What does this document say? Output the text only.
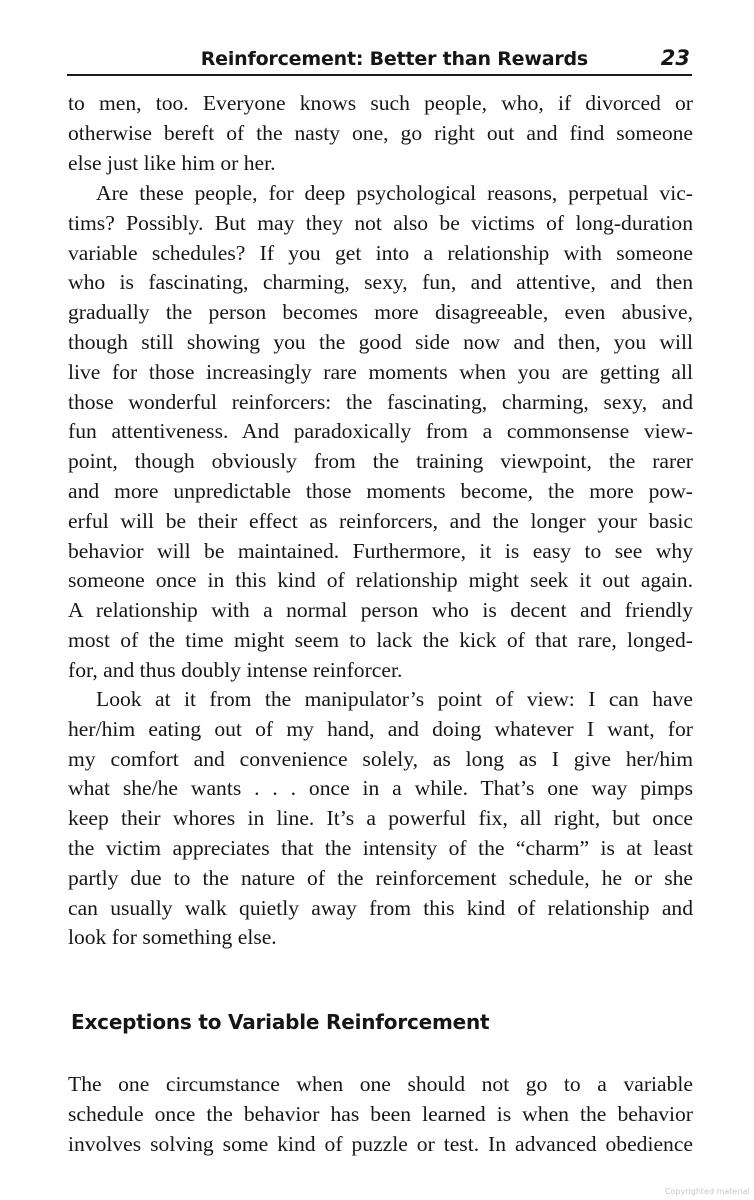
Reinforcement: Better than Rewards	23
to men, too. Everyone knows such people, who, if divorced or
otherwise bereft of the nasty one, go right out and find someone
else just like him or her.
Are these people, for deep psychological reasons, perpetual vic-
tims? Possibly. But may they not also be victims of long-duration
variable schedules? If you get into a relationship with someone
who is fascinating, charming, sexy, fun, and attentive, and then
gradually the person becomes more disagreeable, even abusive,
though still showing you the good side now and then, you will
live for those increasingly rare moments when you are getting all
those wonderful reinforcers: the fascinating, charming, sexy, and
fun attentiveness. And paradoxically from a commonsense view-
point, though obviously from the training viewpoint, the rarer
and more unpredictable those moments become, the more pow-
erful will be their effect as reinforcers, and the longer your basic
behavior will be maintained. Furthermore, it is easy to see why
someone once in this kind of relationship might seek it out again.
A relationship with a normal person who is decent and friendly
most of the time might seem to lack the kick of that rare, longed-
for, and thus doubly intense reinforcer.
Look at it from the manipulator’s point of view: I can have
her/him eating out of my hand, and doing whatever I want, for
my comfort and convenience solely, as long as I give her/him
what she/he wants . . . once in a while. That’s one way pimps
keep their whores in line. It’s a powerful fix, all right, but once
the victim appreciates that the intensity of the “charm” is at least
partly due to the nature of the reinforcement schedule, he or she
can usually walk quietly away from this kind of relationship and
look for something else.
Exceptions to Variable Reinforcement
The one circumstance when one should not go to a variable
schedule once the behavior has been learned is when the behavior
involves solving some kind of puzzle or test. In advanced obedience
Copyrighted material
